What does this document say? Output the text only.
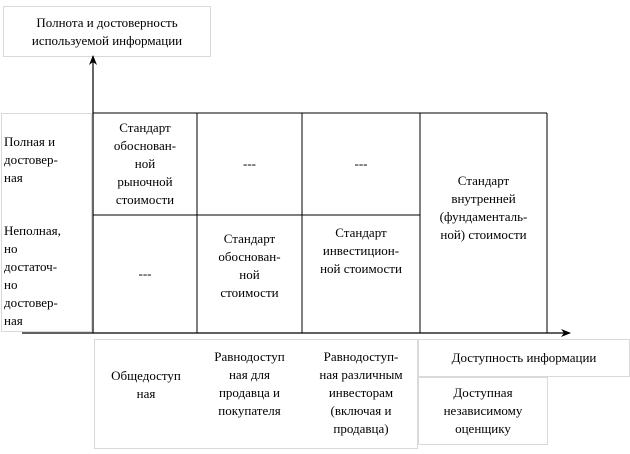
Полнота и достоверность
используемой информации
Доступность информации
Доступная
независимому
оценщику
Полная и
достовер-
ная
Неполная,
но
достаточ-
но
достовер-
ная
Стандарт
обоснован-
ной
рыночной
стоимости
---	---
---
Стандарт
обоснован-
ной
стоимости
Стандарт
инвестицион-
ной стоимости
Стандарт
внутренней
(фундаменталь-
ной) стоимости
Общедоступ
ная
Равнодоступ
ная для
продавца и
покупателя
Равнодоступ-
ная различным
инвесторам
(включая и
продавца)
